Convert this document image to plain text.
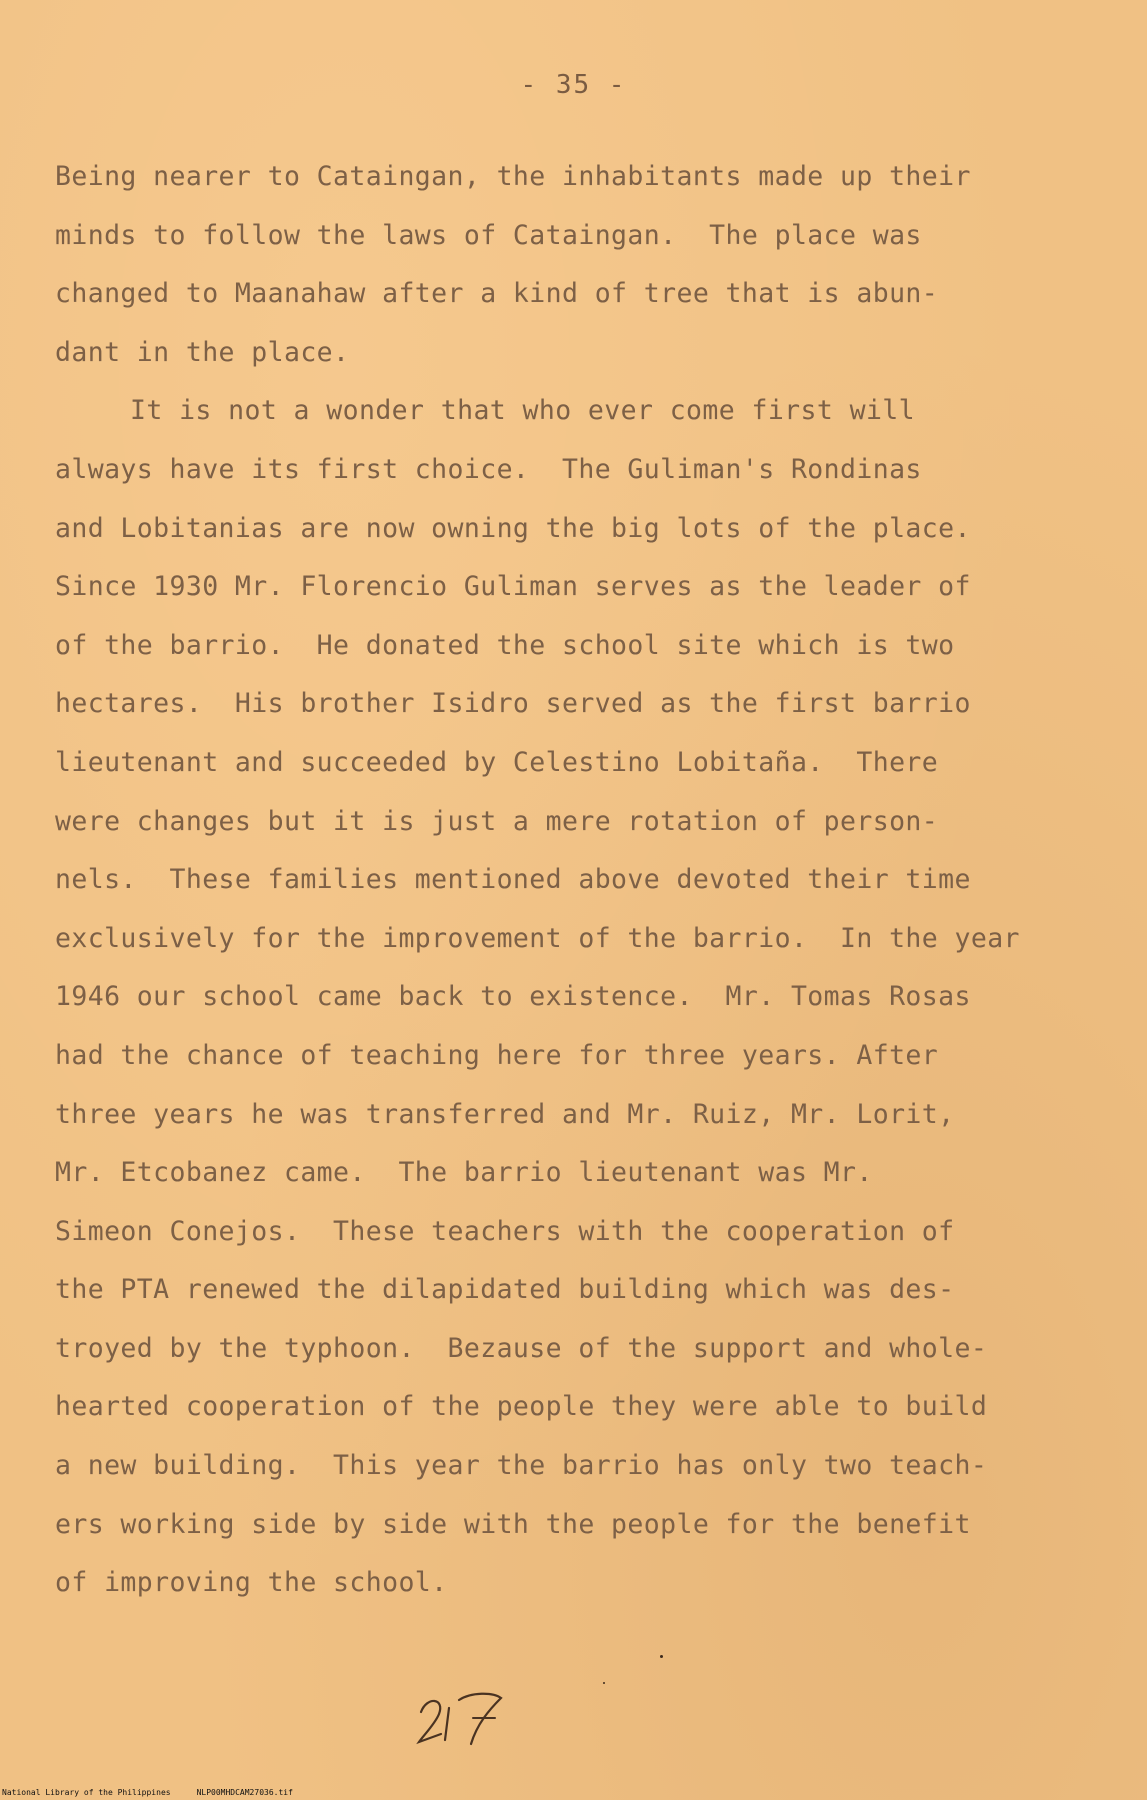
- 35 -
Being nearer to Cataingan, the inhabitants made up their
minds to follow the laws of Cataingan.  The place was
changed to Maanahaw after a kind of tree that is abun-
dant in the place.
It is not a wonder that who ever come first will
always have its first choice.  The Guliman's Rondinas
and Lobitanias are now owning the big lots of the place.
Since 1930 Mr. Florencio Guliman serves as the leader of
of the barrio.  He donated the school site which is two
hectares.  His brother Isidro served as the first barrio
lieutenant and succeeded by Celestino Lobitaña.  There
were changes but it is just a mere rotation of person-
nels.  These families mentioned above devoted their time
exclusively for the improvement of the barrio.  In the year
1946 our school came back to existence.  Mr. Tomas Rosas
had the chance of teaching here for three years. After
three years he was transferred and Mr. Ruiz, Mr. Lorit,
Mr. Etcobanez came.  The barrio lieutenant was Mr.
Simeon Conejos.  These teachers with the cooperation of
the PTA renewed the dilapidated building which was des-
troyed by the typhoon.  Bezause of the support and whole-
hearted cooperation of the people they were able to build
a new building.  This year the barrio has only two teach-
ers working side by side with the people for the benefit
of improving the school.
National Library of the Philippines	NLP00MHDCAM27036.tif
